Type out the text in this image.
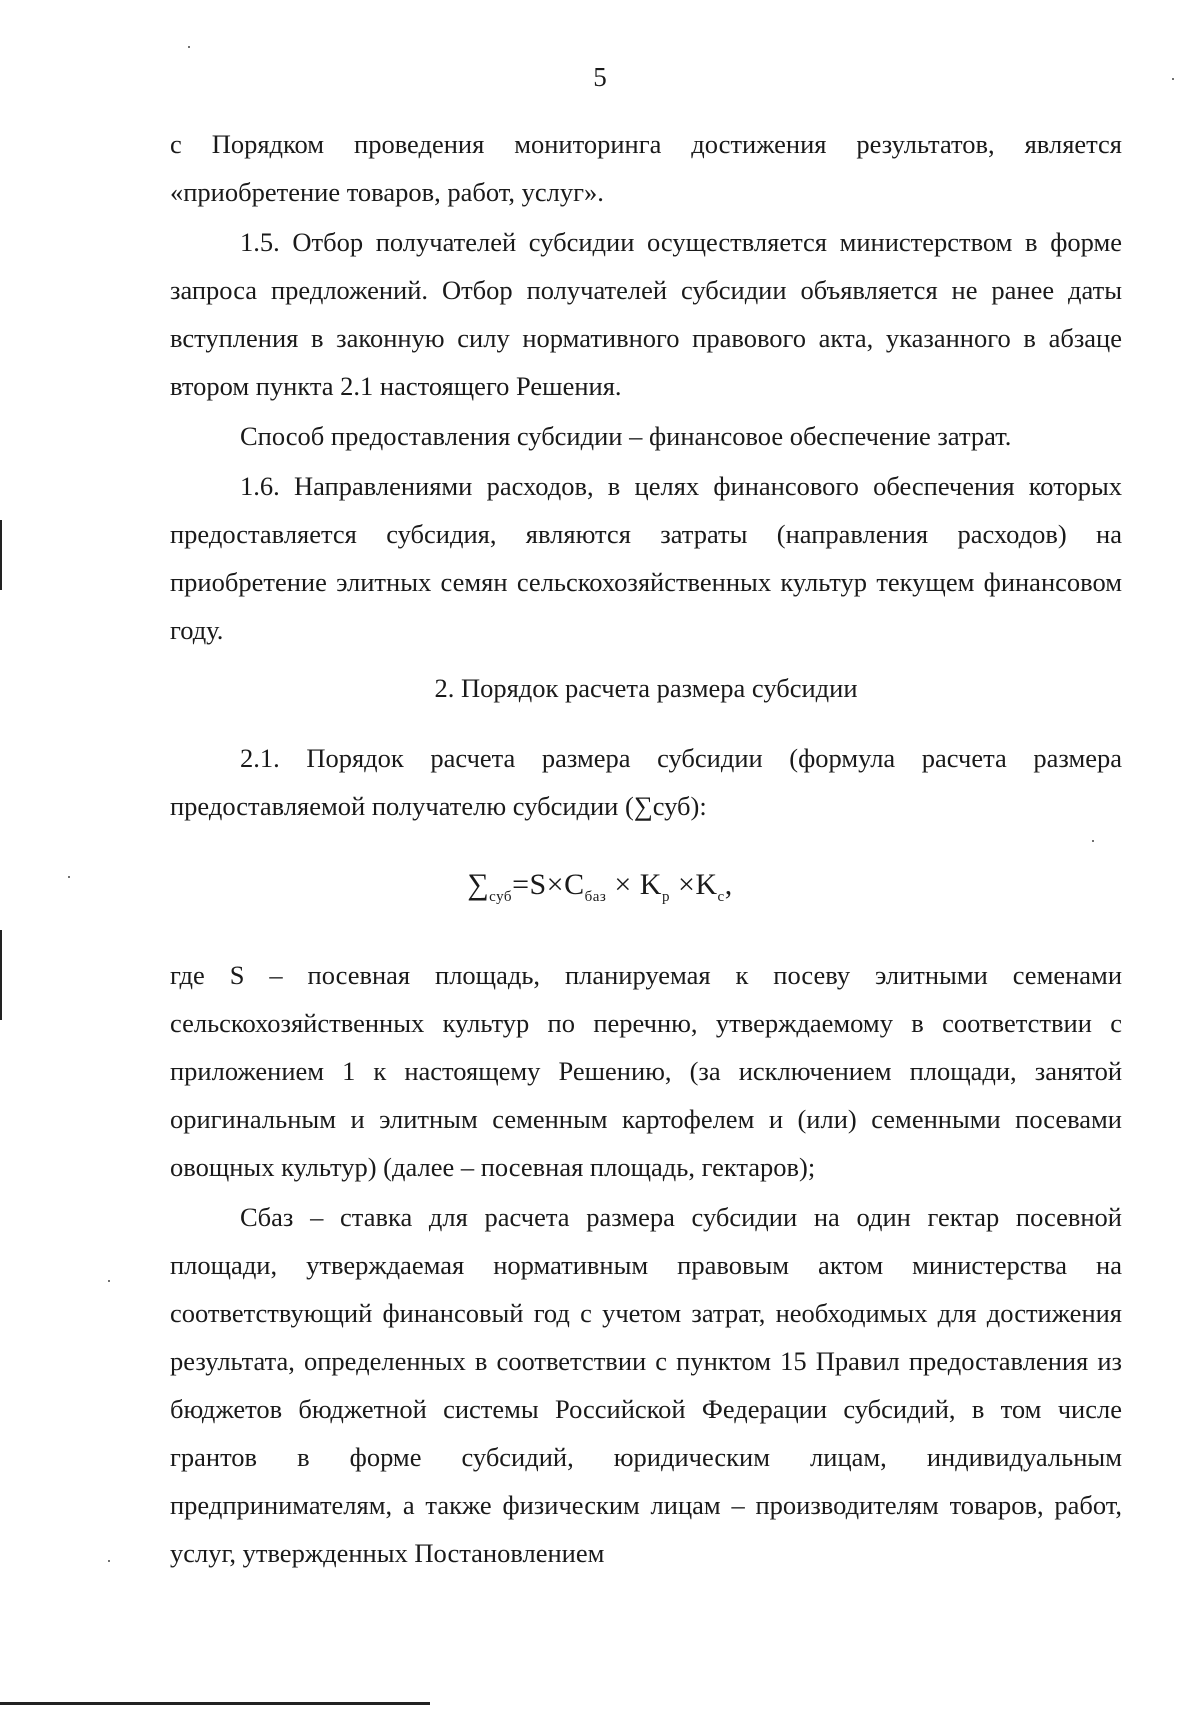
5

с Порядком проведения мониторинга достижения результатов, является «приобретение товаров, работ, услуг».

1.5. Отбор получателей субсидии осуществляется министерством в форме запроса предложений. Отбор получателей субсидии объявляется не ранее даты вступления в законную силу нормативного правового акта, указанного в абзаце втором пункта 2.1 настоящего Решения.

Способ предоставления субсидии – финансовое обеспечение затрат.

1.6. Направлениями расходов, в целях финансового обеспечения которых предоставляется субсидия, являются затраты (направления расходов) на приобретение элитных семян сельскохозяйственных культур текущем финансовом году.

2. Порядок расчета размера субсидии

2.1. Порядок расчета размера субсидии (формула расчета размера предоставляемой получателю субсидии (∑суб):

$\sum_{суб}=S\times C_{баз} \times K_р \times K_с$,

где S – посевная площадь, планируемая к посеву элитными семенами сельскохозяйственных культур по перечню, утверждаемому в соответствии с приложением 1 к настоящему Решению, (за исключением площади, занятой оригинальным и элитным семенным картофелем и (или) семенными посевами овощных культур) (далее – посевная площадь, гектаров);

Cбаз – ставка для расчета размера субсидии на один гектар посевной площади, утверждаемая нормативным правовым актом министерства на соответствующий финансовый год с учетом затрат, необходимых для достижения результата, определенных в соответствии с пунктом 15 Правил предоставления из бюджетов бюджетной системы Российской Федерации субсидий, в том числе грантов в форме субсидий, юридическим лицам, индивидуальным предпринимателям, а также физическим лицам – производителям товаров, работ, услуг, утвержденных Постановлением
